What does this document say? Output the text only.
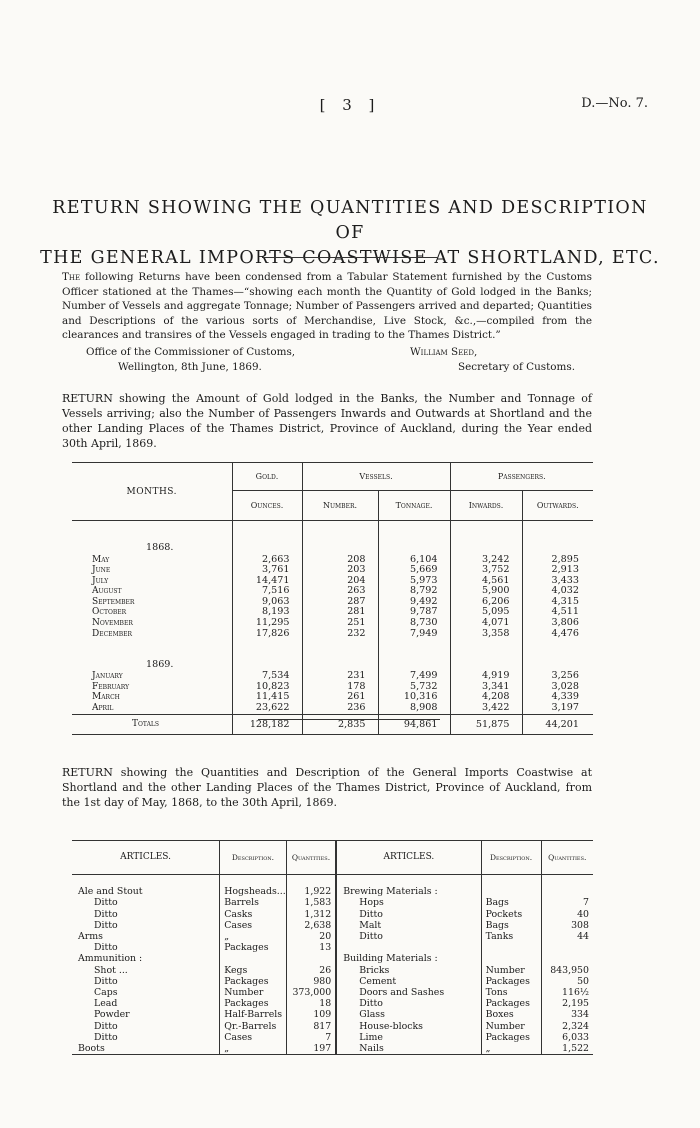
[ 3 ]	D.—No. 7.
RETURN SHOWING THE QUANTITIES AND DESCRIPTION OF
THE GENERAL IMPORTS COASTWISE AT SHORTLAND, ETC.
The following Returns have been condensed from a Tabular Statement furnished by the Customs Officer stationed at the Thames—“showing each month the Quantity of Gold lodged in the Banks; Number of Vessels and aggregate Tonnage; Number of Passengers arrived and departed; Quantities and Descriptions of the various sorts of Merchandise, Live Stock, &c.,—compiled from the clearances and transires of the Vessels engaged in trading to the Thames District.”
Office of the Commissioner of Customs,
Wellington, 8th June, 1869.
William Seed,
Secretary of Customs.
RETURN showing the Amount of Gold lodged in the Banks, the Number and Tonnage of Vessels arriving; also the Number of Passengers Inwards and Outwards at Shortland and the other Landing Places of the Thames District, Province of Auckland, during the Year ended 30th April, 1869.
MONTHS.	Gold.	Vessels.		Passengers.	
	Ounces.	Number.	Tonnage.	Inwards.	Outwards.

1868.					
May	2,663	208	6,104	3,242	2,895
June	3,761	203	5,669	3,752	2,913
July	14,471	204	5,973	4,561	3,433
August	7,516	263	8,792	5,900	4,032
September	9,063	287	9,492	6,206	4,315
October	8,193	281	9,787	5,095	4,511
November	11,295	251	8,730	4,071	3,806
December	17,826	232	7,949	3,358	4,476

1869.					
January	7,534	231	7,499	4,919	3,256
February	10,823	178	5,732	3,341	3,028
March	11,415	261	10,316	4,208	4,339
April	23,622	236	8,908	3,422	3,197
Totals	128,182	2,835	94,861	51,875	44,201
RETURN showing the Quantities and Description of the General Imports Coastwise at Shortland and the other Landing Places of the Thames District, Province of Auckland, from the 1st day of May, 1868, to the 30th April, 1869.
ARTICLES.	Description.	Quantities.	ARTICLES.	Description.	Quantities.

Ale and Stout	Hogsheads...	1,922	Brewing Materials :		
Ditto	Barrels	1,583	Hops	Bags	7
Ditto	Casks	1,312	Ditto	Pockets	40
Ditto	Cases	2,638	Malt	Bags	308
Arms	„	20	Ditto	Tanks	44
Ditto	Packages	13			
Ammunition :			Building Materials :		
Shot ...	Kegs	26	Bricks	Number	843,950
Ditto	Packages	980	Cement	Packages	50
Caps	Number	373,000	Doors and Sashes	Tons	116½
Lead	Packages	18	Ditto	Packages	2,195
Powder	Half-Barrels	109	Glass	Boxes	334
Ditto	Qr.-Barrels	817	House-blocks	Number	2,324
Ditto	Cases	7	Lime	Packages	6,033
Boots	„	197	Nails	„	1,522
